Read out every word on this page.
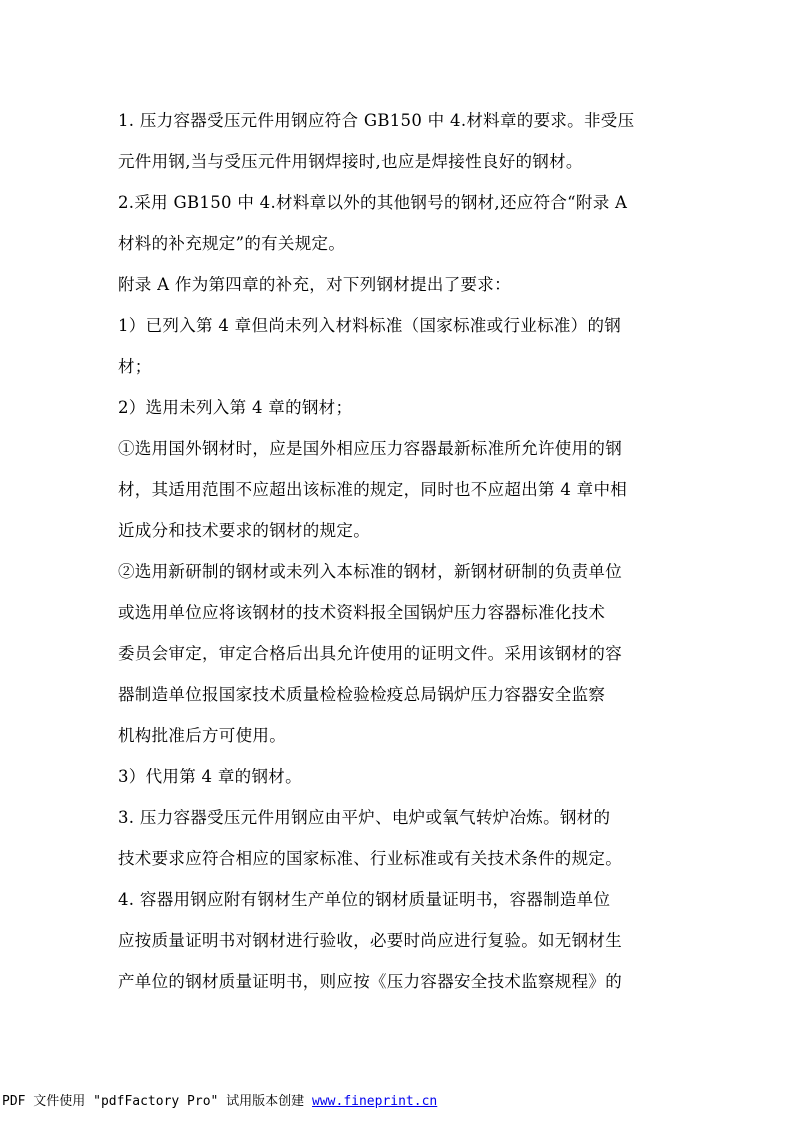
1. 压力容器受压元件用钢应符合 GB150 中 4.材料章的要求。非受压
元件用钢,当与受压元件用钢焊接时,也应是焊接性良好的钢材。
2.采用 GB150 中 4.材料章以外的其他钢号的钢材,还应符合“附录 A
材料的补充规定”的有关规定。
附录 A 作为第四章的补充，对下列钢材提出了要求：
1）已列入第 4 章但尚未列入材料标准（国家标准或行业标准）的钢
材；
2）选用未列入第 4 章的钢材；
①选用国外钢材时，应是国外相应压力容器最新标准所允许使用的钢
材，其适用范围不应超出该标准的规定，同时也不应超出第 4 章中相
近成分和技术要求的钢材的规定。
②选用新研制的钢材或未列入本标准的钢材，新钢材研制的负责单位
或选用单位应将该钢材的技术资料报全国锅炉压力容器标准化技术
委员会审定，审定合格后出具允许使用的证明文件。采用该钢材的容
器制造单位报国家技术质量检检验检疫总局锅炉压力容器安全监察
机构批准后方可使用。
3）代用第 4 章的钢材。
3. 压力容器受压元件用钢应由平炉、电炉或氧气转炉冶炼。钢材的
技术要求应符合相应的国家标准、行业标准或有关技术条件的规定。
4. 容器用钢应附有钢材生产单位的钢材质量证明书，容器制造单位
应按质量证明书对钢材进行验收，必要时尚应进行复验。如无钢材生
产单位的钢材质量证明书，则应按《压力容器安全技术监察规程》的
PDF 文件使用 "pdfFactory Pro" 试用版本创建 www.fineprint.cn
